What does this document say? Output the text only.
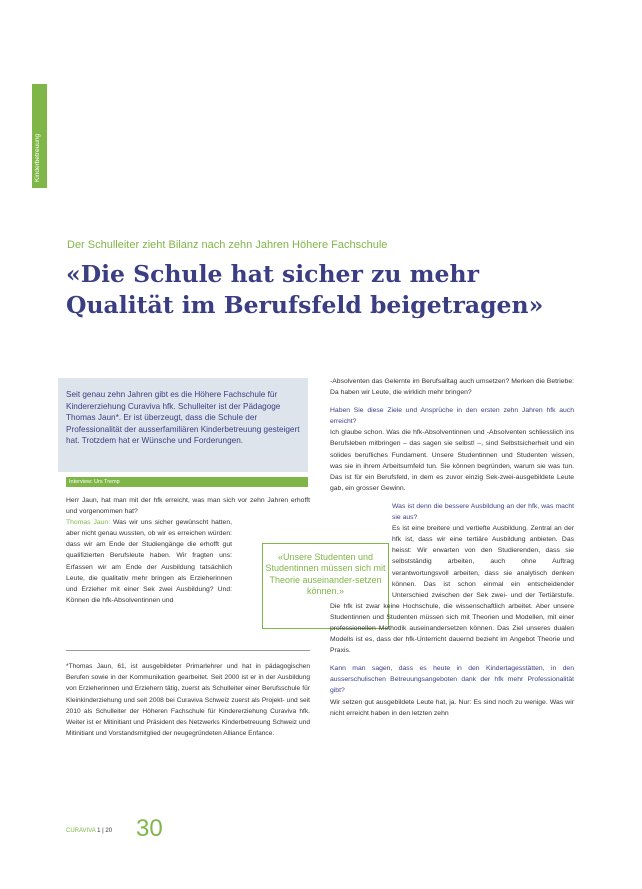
Kinderbetreuung
Der Schulleiter zieht Bilanz nach zehn Jahren Höhere Fachschule
«Die Schule hat sicher zu mehr
Qualität im Berufsfeld beigetragen»

Seit genau zehn Jahren gibt es die Höhere Fachschule für Kindererziehung Curaviva hfk. Schulleiter ist der Pädagoge Thomas Jaun*. Er ist überzeugt, dass die Schule der Professionalität der ausserfamiliären Kinderbetreuung gesteigert hat. Trotzdem hat er Wünsche und Forderungen.

Interview: Urs Tremp

Herr Jaun, hat man mit der hfk erreicht, was man sich vor zehn Jahren erhofft und vorgenommen hat?

Thomas Jaun: Was wir uns sicher gewünscht hatten, aber nicht genau wussten, ob wir es erreichen würden: dass wir am Ende der Studiengänge die erhofft gut qualifizierten Berufsleute haben. Wir fragten uns: Erfassen wir am Ende der Ausbildung tatsächlich Leute, die qualitativ mehr bringen als Erzieherinnen und Erzieher mit einer Sek zwei Ausbildung? Und: Können die hfk-Absolventinnen und

«Unsere Studenten und Studentinnen müssen sich mit Theorie auseinander-setzen können.»

*Thomas Jaun, 61, ist ausgebildeter Primarlehrer und hat in pädagogischen Berufen sowie in der Kommunikation gearbeitet. Seit 2000 ist er in der Ausbildung von Erzieherinnen und Erziehern tätig, zuerst als Schulleiter einer Berufsschule für Kleinkinderziehung und seit 2008 bei Curaviva Schweiz zuerst als Projekt- und seit 2010 als Schulleiter der Höheren Fachschule für Kindererziehung Curaviva hfk. Weiter ist er Mitinitiant und Präsident des Netzwerks Kinderbetreuung Schweiz und Mitinitiant und Vorstandsmitglied der neugegründeten Alliance Enfance.

-Absolventen das Gelernte im Berufsalltag auch umsetzen? Merken die Betriebe: Da haben wir Leute, die wirklich mehr bringen?

Haben Sie diese Ziele und Ansprüche in den ersten zehn Jahren hfk auch erreicht?

Ich glaube schon. Was die hfk-Absolventinnen und -Absolventen schliesslich ins Berufsleben mitbringen – das sagen sie selbst! –, sind Selbstsicherheit und ein solides berufliches Fundament. Unsere Studentinnen und Studenten wissen, was sie in ihrem Arbeitsumfeld tun. Sie können begründen, warum sie was tun. Das ist für ein Berufsfeld, in dem es zuvor einzig Sek-zwei-ausgebildete Leute gab, ein grosser Gewinn.

Was ist denn die bessere Ausbildung an der hfk, was macht sie aus?
Es ist eine breitere und vertiefte Ausbildung. Zentral an der hfk ist, dass wir eine tertiäre Ausbildung anbieten. Das heisst: Wir erwarten von den Studierenden, dass sie selbstständig arbeiten, auch ohne Auftrag verantwortungsvoll arbeiten, dass sie analytisch denken können. Das ist schon einmal ein entscheidender Unterschied zwischen der Sek zwei- und der Tertiärstufe. Die hfk ist zwar keine Hochschule, die wissenschaftlich arbeitet. Aber unsere Studentinnen und Studenten müssen sich mit Theorien und Modellen, mit einer professionellen Methodik auseinandersetzen können. Das Ziel unseres dualen Modells ist es, dass der hfk-Unterricht dauernd bezieht im Angebot Theorie und Praxis.

Kann man sagen, dass es heute in den Kindertagesstätten, in den ausserschulischen Betreuungsangeboten dank der hfk mehr Professionalität gibt?

Wir setzen gut ausgebildete Leute hat, ja. Nur: Es sind noch zu wenige. Was wir nicht erreicht haben in den letzten zehn

CURAVIVA 1 | 20 30
